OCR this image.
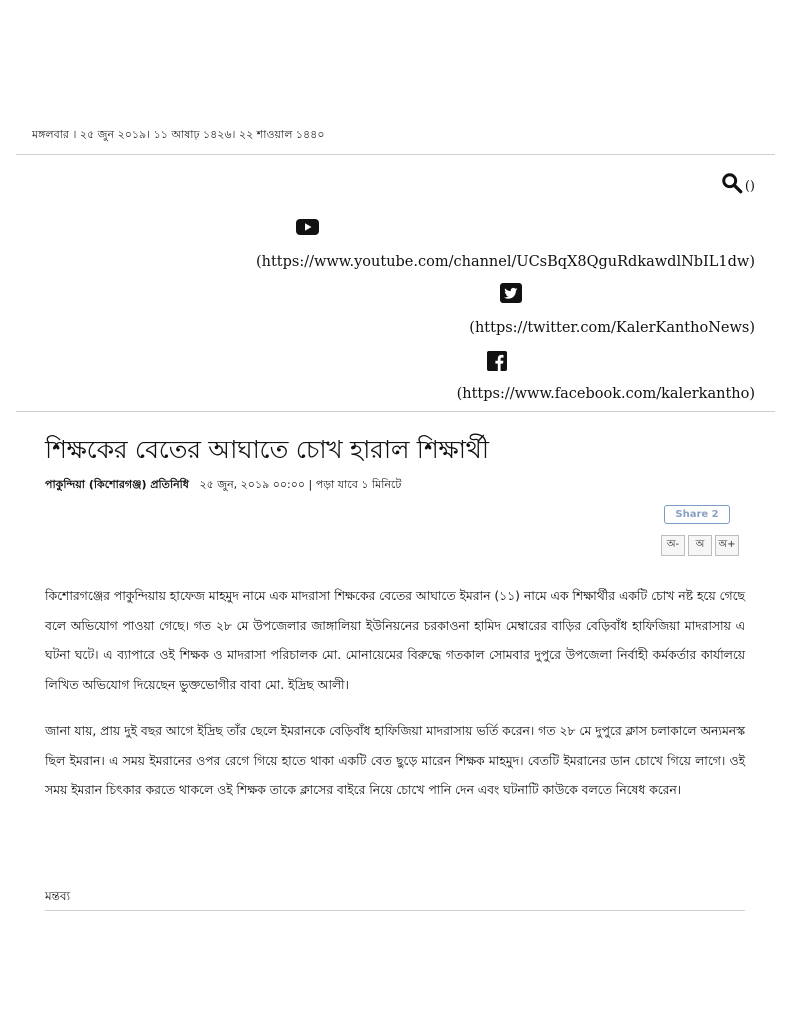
মঙ্গলবার । ২৫ জুন ২০১৯। ১১ আষাঢ় ১৪২৬। ২২ শাওয়াল ১৪৪০
()
(https://www.youtube.com/channel/UCsBqX8QguRdkawdlNbIL1dw)
(https://twitter.com/KalerKanthoNews)
(https://www.facebook.com/kalerkantho)
শিক্ষকের বেতের আঘাতে চোখ হারাল শিক্ষার্থী
পাকুন্দিয়া (কিশোরগঞ্জ) প্রতিনিধি ২৫ জুন, ২০১৯ ০০:০০ | পড়া যাবে ১ মিনিটে
Share 2
অ-	অ	অ+

কিশোরগঞ্জের পাকুন্দিয়ায় হাফেজ মাহমুদ নামে এক মাদরাসা শিক্ষকের বেতের আঘাতে ইমরান (১১) নামে এক শিক্ষার্থীর একটি চোখ নষ্ট হয়ে গেছে বলে অভিযোগ পাওয়া গেছে। গত ২৮ মে উপজেলার জাঙ্গালিয়া ইউনিয়নের চরকাওনা হামিদ মেম্বারের বাড়ির বেড়িবাঁধ হাফিজিয়া মাদরাসায় এ ঘটনা ঘটে। এ ব্যাপারে ওই শিক্ষক ও মাদরাসা পরিচালক মো. মোনায়েমের বিরুদ্ধে গতকাল সোমবার দুপুরে উপজেলা নির্বাহী কর্মকর্তার কার্যালয়ে লিখিত অভিযোগ দিয়েছেন ভুক্তভোগীর বাবা মো. ইদ্রিছ আলী।

জানা যায়, প্রায় দুই বছর আগে ইদ্রিছ তাঁর ছেলে ইমরানকে বেড়িবাঁধ হাফিজিয়া মাদরাসায় ভর্তি করেন। গত ২৮ মে দুপুরে ক্লাস চলাকালে অন্যমনস্ক ছিল ইমরান। এ সময় ইমরানের ওপর রেগে গিয়ে হাতে থাকা একটি বেত ছুড়ে মারেন শিক্ষক মাহমুদ। বেতটি ইমরানের ডান চোখে গিয়ে লাগে। ওই সময় ইমরান চিৎকার করতে থাকলে ওই শিক্ষক তাকে ক্লাসের বাইরে নিয়ে চোখে পানি দেন এবং ঘটনাটি কাউকে বলতে নিষেধ করেন।

মন্তব্য
